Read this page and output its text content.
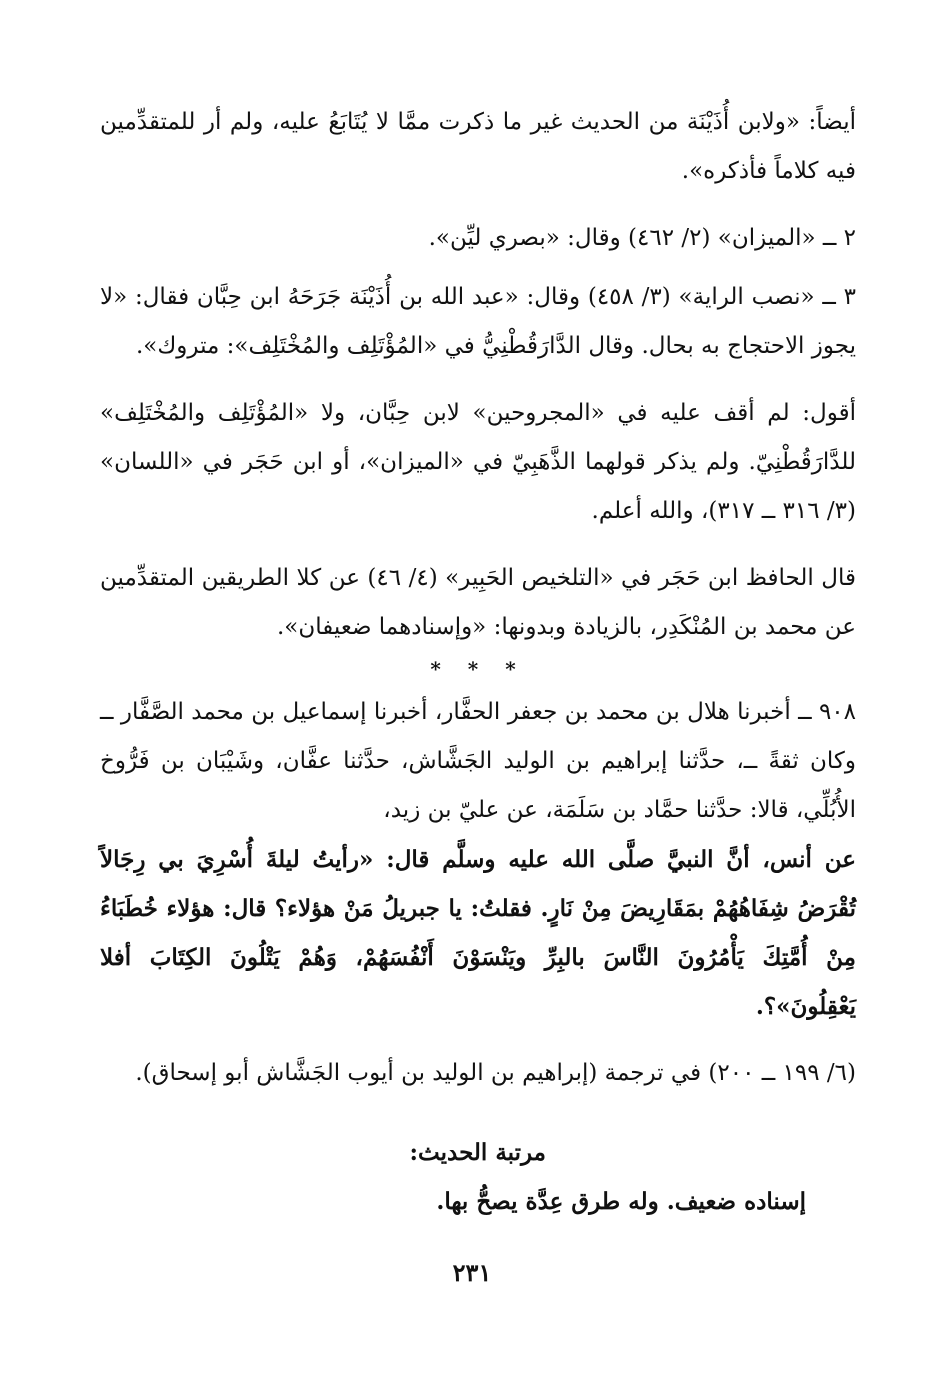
أيضاً: «ولابن أُذَيْنَة من الحديث غير ما ذكرت ممَّا لا يُتَابَعُ عليه، ولم أر للمتقدِّمين فيه كلاماً فأذكره».

٢ ــ «الميزان» (٢/ ٤٦٢) وقال: «بصري ليِّن».

٣ ــ «نصب الراية» (٣/ ٤٥٨) وقال: «عبد الله بن أُذَيْنَة جَرَحَهُ ابن حِبَّان فقال: «لا يجوز الاحتجاج به بحال. وقال الدَّارَقُطْنِيُّ في «المُؤْتَلِف والمُخْتَلِف»: متروك».

أقول: لم أقف عليه في «المجروحين» لابن حِبَّان، ولا «المُؤْتَلِف والمُخْتَلِف» للدَّارَقُطْنِيّ. ولم يذكر قولهما الذَّهَبِيّ في «الميزان»، أو ابن حَجَر في «اللسان» (٣/ ٣١٦ ــ ٣١٧)، والله أعلم.

قال الحافظ ابن حَجَر في «التلخيص الحَبِير» (٤/ ٤٦) عن كلا الطريقين المتقدِّمين عن محمد بن المُنْكَدِر، بالزيادة وبدونها: «وإسنادهما ضعيفان».

* * *

٩٠٨ ــ أخبرنا هلال بن محمد بن جعفر الحفَّار، أخبرنا إسماعيل بن محمد الصَّفَّار ــ وكان ثقةً ــ، حدَّثنا إبراهيم بن الوليد الجَشَّاش، حدَّثنا عفَّان، وشَيْبَان بن فَرُّوخ الأُبُلِّي، قالا: حدَّثنا حمَّاد بن سَلَمَة، عن عليّ بن زيد،

عن أنس، أنَّ النبيَّ صلَّى الله عليه وسلَّم قال: «رأيتُ ليلةَ أُسْرِيَ بي رِجَالاً تُقْرَضُ شِفَاهُهُمْ بمَقَارِيضَ مِنْ نَارٍ. فقلتُ: يا جبريلُ مَنْ هؤلاء؟ قال: هؤلاء خُطَبَاءُ مِنْ أُمَّتِكَ يَأْمُرُونَ النَّاسَ بالبِرِّ ويَنْسَوْنَ أَنْفُسَهُمْ، وَهُمْ يَتْلُونَ الكِتَابَ أفلا يَعْقِلُونَ»؟.

(٦/ ١٩٩ ــ ٢٠٠) في ترجمة (إبراهيم بن الوليد بن أيوب الجَشَّاش أبو إسحاق).

مرتبة الحديث:

إسناده ضعيف. وله طرق عِدَّة يصحُّ بها.

٢٣١
